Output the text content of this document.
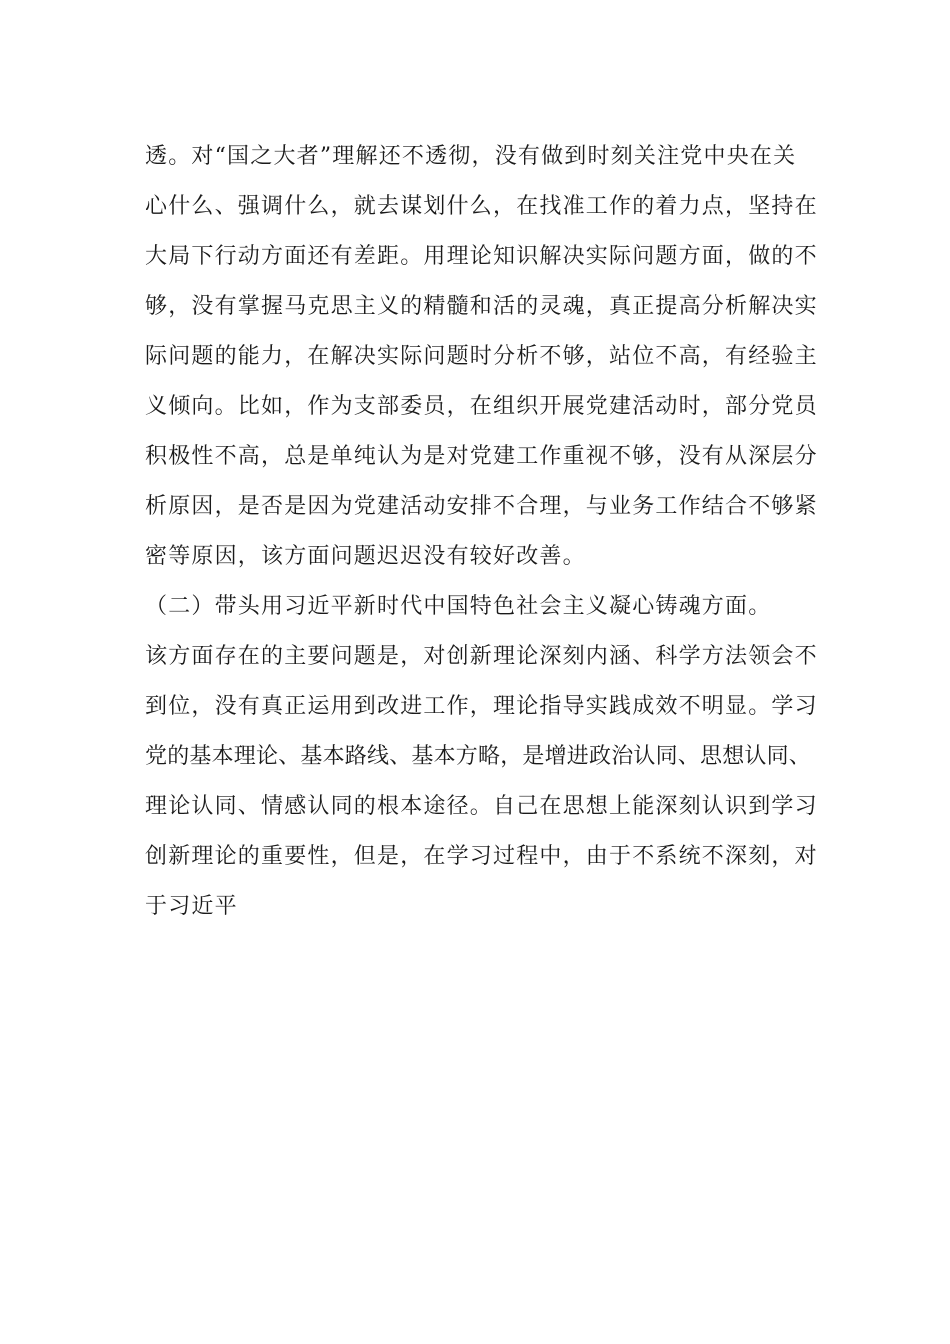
透。对“国之大者”理解还不透彻，没有做到时刻关注党中央在关
心什么、强调什么，就去谋划什么，在找准工作的着力点，坚持在
大局下行动方面还有差距。用理论知识解决实际问题方面，做的不
够，没有掌握马克思主义的精髓和活的灵魂，真正提高分析解决实
际问题的能力，在解决实际问题时分析不够，站位不高，有经验主
义倾向。比如，作为支部委员，在组织开展党建活动时，部分党员
积极性不高，总是单纯认为是对党建工作重视不够，没有从深层分
析原因，是否是因为党建活动安排不合理，与业务工作结合不够紧
密等原因，该方面问题迟迟没有较好改善。
（二）带头用习近平新时代中国特色社会主义凝心铸魂方面。
该方面存在的主要问题是，对创新理论深刻内涵、科学方法领会不
到位，没有真正运用到改进工作，理论指导实践成效不明显。学习
党的基本理论、基本路线、基本方略，是增进政治认同、思想认同、
理论认同、情感认同的根本途径。自己在思想上能深刻认识到学习
创新理论的重要性，但是，在学习过程中，由于不系统不深刻，对
于习近平
